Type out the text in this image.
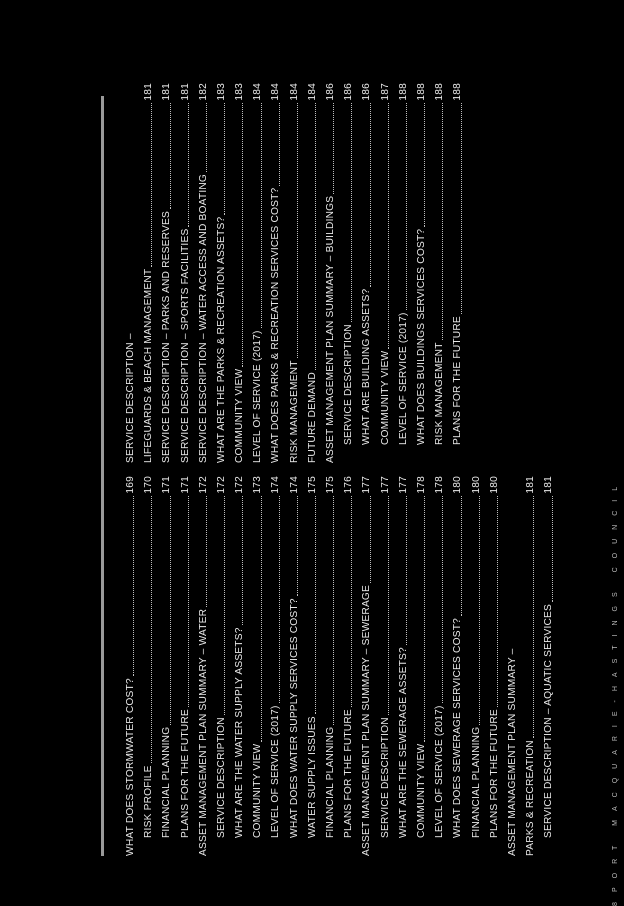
WHAT DOES STORMWATER COST?
169
RISK PROFILE
170
FINANCIAL PLANNING
171
PLANS FOR THE FUTURE
171
ASSET MANAGEMENT PLAN SUMMARY – WATER
172
SERVICE DESCRIPTION
172
WHAT ARE THE WATER SUPPLY ASSETS?
172
COMMUNITY VIEW
173
LEVEL OF SERVICE (2017)
174
WHAT DOES WATER SUPPLY SERVICES COST?
174
WATER SUPPLY ISSUES
175
FINANCIAL PLANNING
175
PLANS FOR THE FUTURE
176
ASSET MANAGEMENT PLAN SUMMARY – SEWERAGE
177
SERVICE DESCRIPTION
177
WHAT ARE THE SEWERAGE ASSETS?
177
COMMUNITY VIEW
178
LEVEL OF SERVICE (2017)
178
WHAT DOES SEWERAGE SERVICES COST?
180
FINANCIAL PLANNING
180
PLANS FOR THE FUTURE
180
ASSET MANAGEMENT PLAN SUMMARY – PARKS & RECREATION
181
SERVICE DESCRIPTION – AQUATIC SERVICES
181
SERVICE DESCRIPTION – LIFEGUARDS & BEACH MANAGEMENT
181
SERVICE DESCRIPTION – PARKS AND RESERVES
181
SERVICE DESCRIPTION – SPORTS FACILITIES
181
SERVICE DESCRIPTION – WATER ACCESS AND BOATING
182
WHAT ARE THE PARKS & RECREATION ASSETS?
183
COMMUNITY VIEW
183
LEVEL OF SERVICE (2017)
184
WHAT DOES PARKS & RECREATION SERVICES COST?
184
RISK MANAGEMENT
184
FUTURE DEMAND
184
ASSET MANAGEMENT PLAN SUMMARY – BUILDINGS
186
SERVICE DESCRIPTION
186
WHAT ARE BUILDING ASSETS?
186
COMMUNITY VIEW
187
LEVEL OF SERVICE (2017)
188
WHAT DOES BUILDINGS SERVICES COST?
188
RISK MANAGEMENT
188
PLANS FOR THE FUTURE
188
8
PORT MACQUARIE-HASTINGS COUNCIL
